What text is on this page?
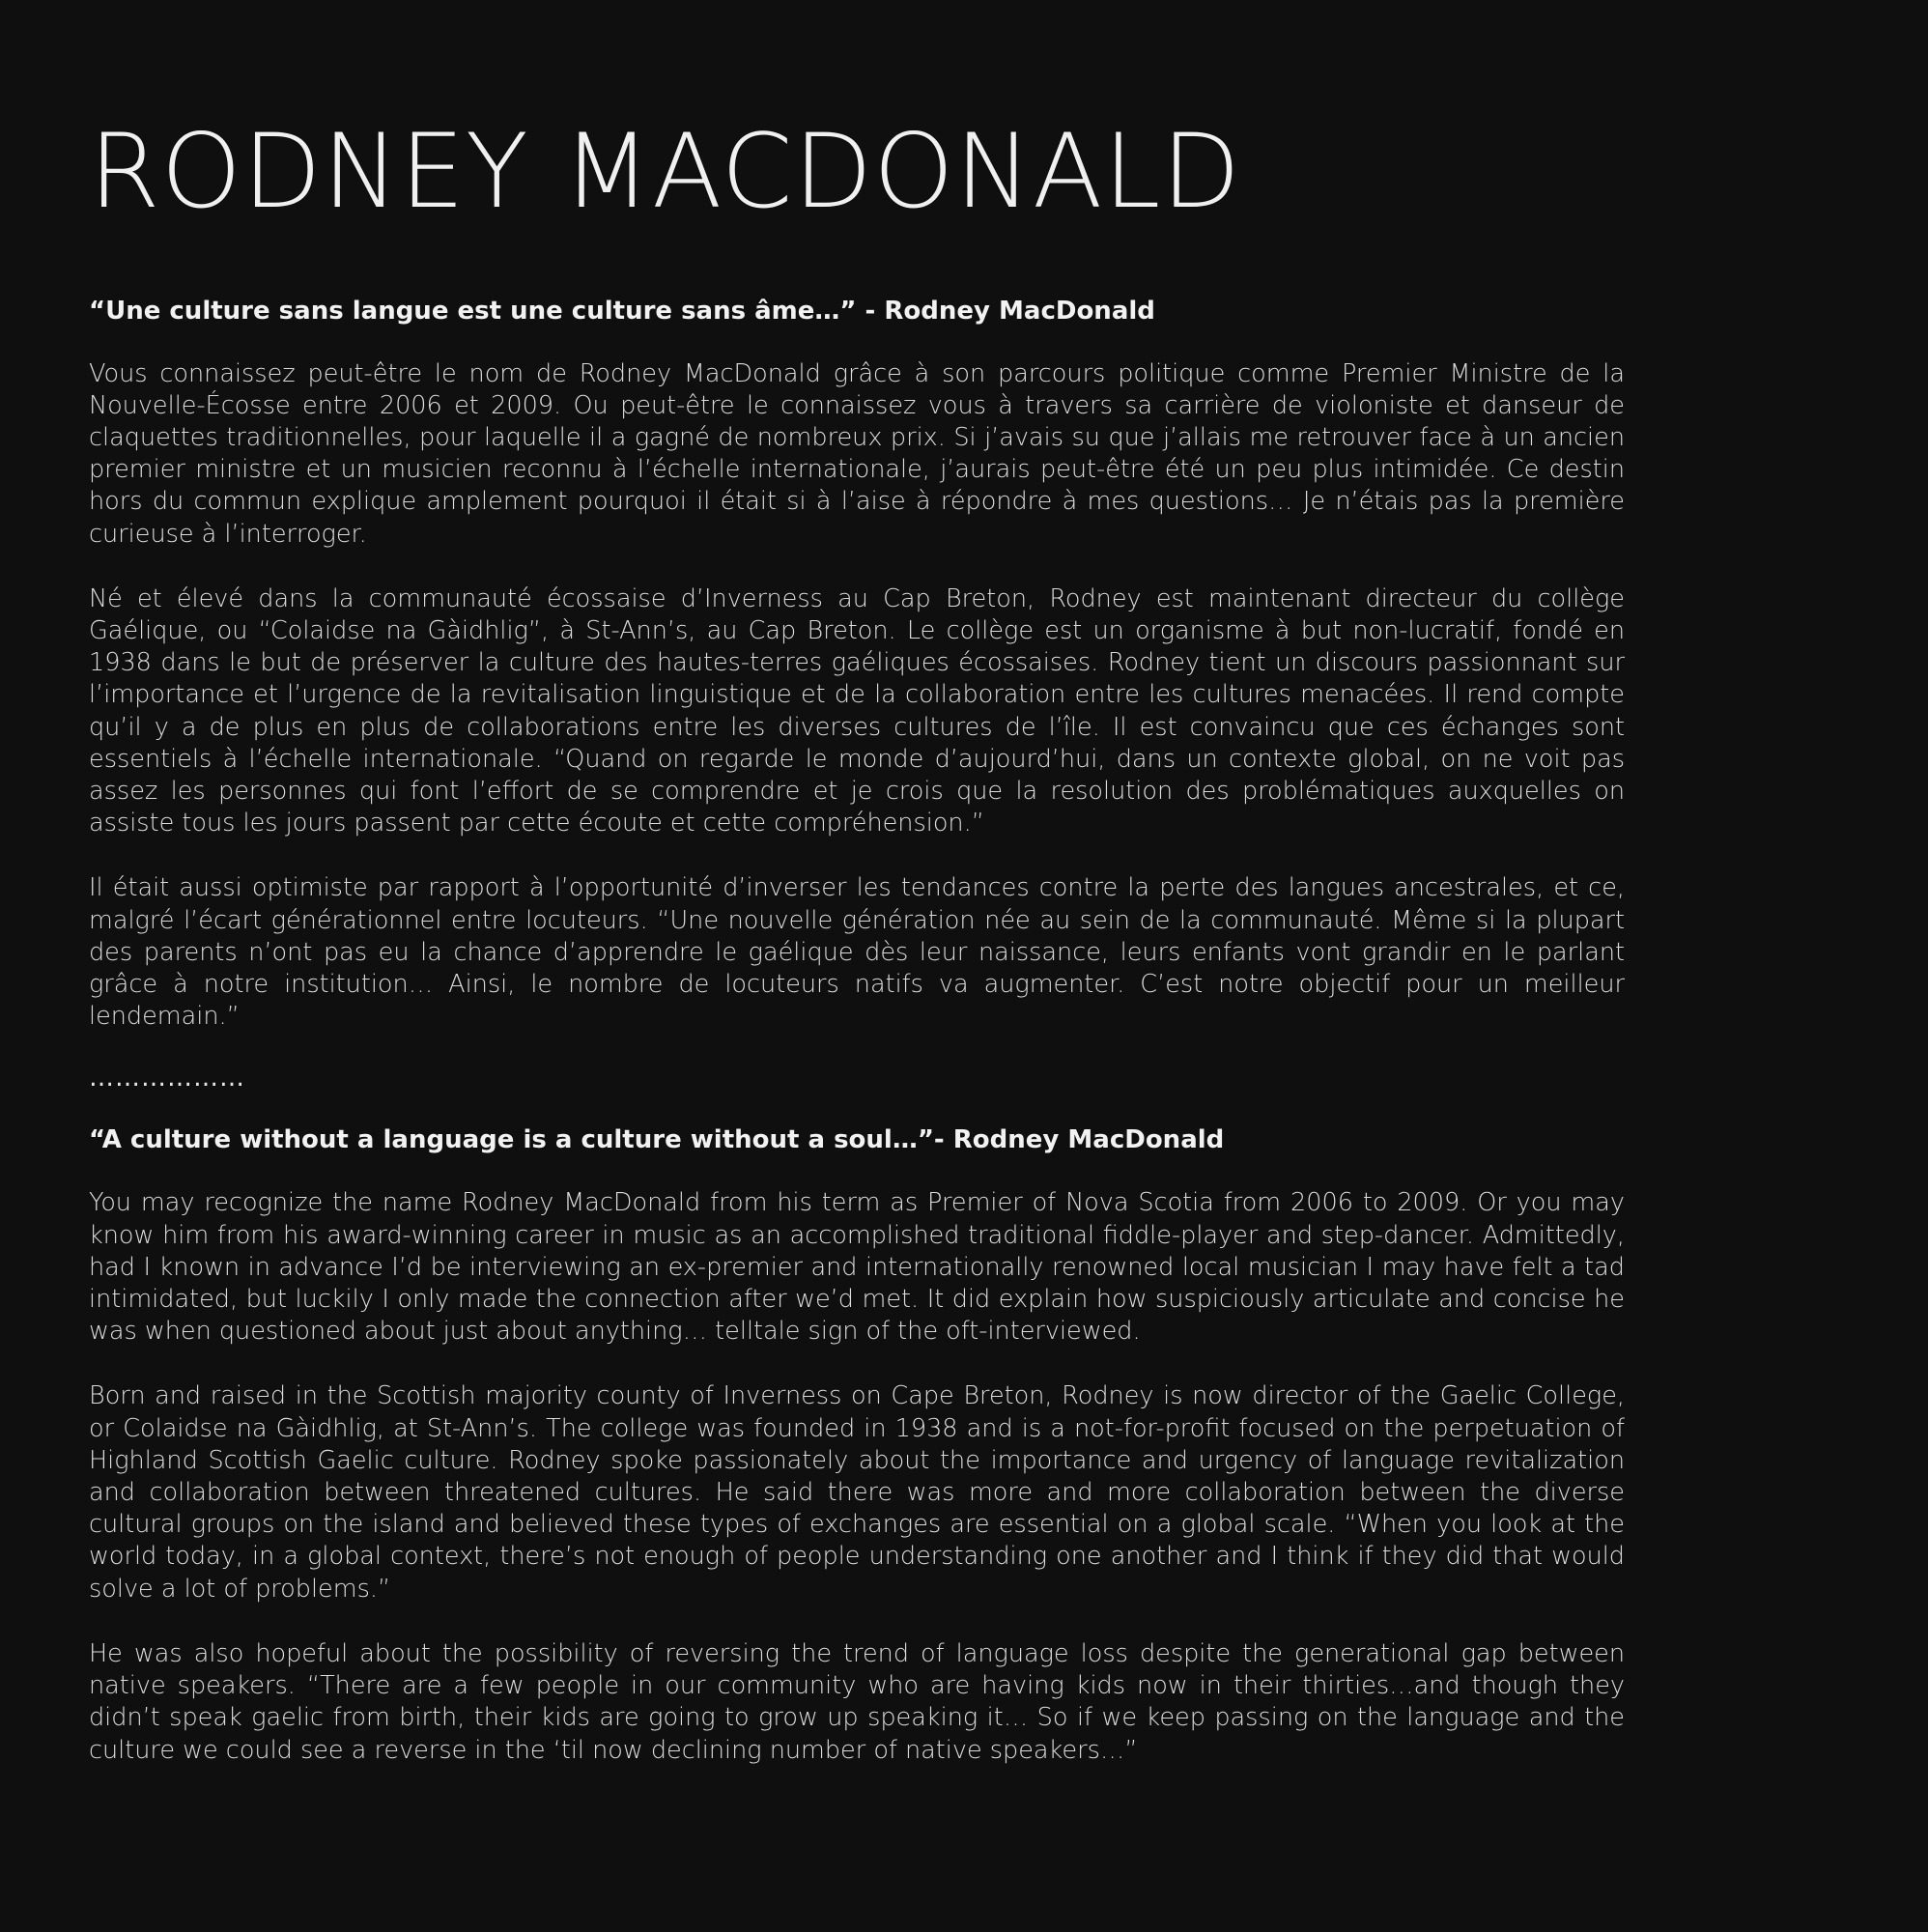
RODNEY MACDONALD

“Une culture sans langue est une culture sans âme…” - Rodney MacDonald

Vous connaissez peut-être le nom de Rodney MacDonald grâce à son parcours politique comme Premier Ministre de la Nouvelle-Écosse entre 2006 et 2009. Ou peut-être le connaissez vous à travers sa carrière de violoniste et danseur de claquettes traditionnelles, pour laquelle il a gagné de nombreux prix. Si j’avais su que j’allais me retrouver face à un ancien premier ministre et un musicien reconnu à l’échelle internationale, j’aurais peut-être été un peu plus intimidée. Ce destin hors du commun explique amplement pourquoi il était si à l’aise à répondre à mes questions… Je n’étais pas la première curieuse à l’interroger.

Né et élevé dans la communauté écossaise d’Inverness au Cap Breton, Rodney est maintenant directeur du collège Gaélique, ou “Colaidse na Gàidhlig”, à St-Ann’s, au Cap Breton. Le collège est un organisme à but non-lucratif, fondé en 1938 dans le but de préserver la culture des hautes-terres gaéliques écossaises. Rodney tient un discours passionnant sur l’importance et l’urgence de la revitalisation linguistique et de la collaboration entre les cultures menacées. Il rend compte qu’il y a de plus en plus de collaborations entre les diverses cultures de l’île. Il est convaincu que ces échanges sont essentiels à l’échelle internationale. “Quand on regarde le monde d’aujourd’hui, dans un contexte global, on ne voit pas assez les personnes qui font l’effort de se comprendre et je crois que la resolution des problématiques auxquelles on assiste tous les jours passent par cette écoute et cette compréhension.”

Il était aussi optimiste par rapport à l’opportunité d’inverser les tendances contre la perte des langues ancestrales, et ce, malgré l’écart générationnel entre locuteurs. “Une nouvelle génération née au sein de la communauté. Même si la plupart des parents n’ont pas eu la chance d’apprendre le gaélique dès leur naissance, leurs enfants vont grandir en le parlant grâce à notre institution… Ainsi, le nombre de locuteurs natifs va augmenter. C’est notre objectif pour un meilleur lendemain.”

………………

“A culture without a language is a culture without a soul…”- Rodney MacDonald

You may recognize the name Rodney MacDonald from his term as Premier of Nova Scotia from 2006 to 2009. Or you may know him from his award-winning career in music as an accomplished traditional fiddle-player and step-dancer. Admittedly, had I known in advance I’d be interviewing an ex-premier and internationally renowned local musician I may have felt a tad intimidated, but luckily I only made the connection after we’d met. It did explain how suspiciously articulate and concise he was when questioned about just about anything… telltale sign of the oft-interviewed.

Born and raised in the Scottish majority county of Inverness on Cape Breton, Rodney is now director of the Gaelic College, or Colaidse na Gàidhlig, at St-Ann’s. The college was founded in 1938 and is a not-for-profit focused on the perpetuation of Highland Scottish Gaelic culture. Rodney spoke passionately about the importance and urgency of language revitalization and collaboration between threatened cultures. He said there was more and more collaboration between the diverse cultural groups on the island and believed these types of exchanges are essential on a global scale. “When you look at the world today, in a global context, there’s not enough of people understanding one another and I think if they did that would solve a lot of problems.”

He was also hopeful about the possibility of reversing the trend of language loss despite the generational gap between native speakers. “There are a few people in our community who are having kids now in their thirties…and though they didn’t speak gaelic from birth, their kids are going to grow up speaking it… So if we keep passing on the language and the culture we could see a reverse in the ‘til now declining number of native speakers…”
